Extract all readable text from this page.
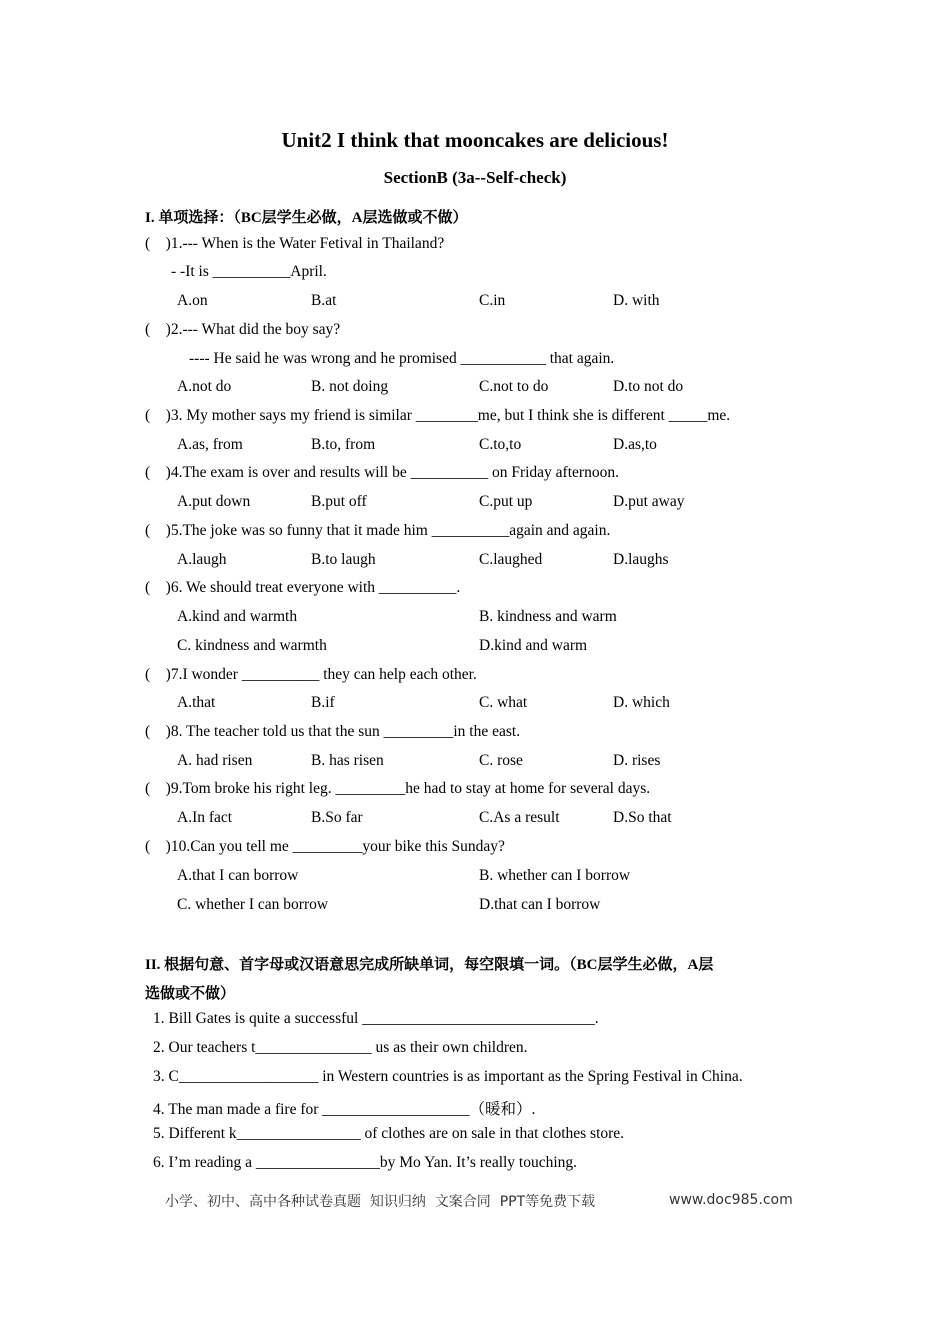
Unit2 I think that mooncakes are delicious!
SectionB (3a--Self-check)
I. 单项选择：（BC层学生必做，A层选做或不做）
(    )1.--- When is the Water Fetival in Thailand?
- -It is __________April.
A.on	B.at	C.in	D. with
(    )2.--- What did the boy say?
---- He said he was wrong and he promised ___________ that again.
A.not do	B. not doing	C.not to do	D.to not do
(    )3. My mother says my friend is similar ________me, but I think she is different _____me.
A.as, from	B.to, from	C.to,to	D.as,to
(    )4.The exam is over and results will be __________ on Friday afternoon.
A.put down	B.put off	C.put up	D.put away
(    )5.The joke was so funny that it made him __________again and again.
A.laugh	B.to laugh	C.laughed	D.laughs
(    )6. We should treat everyone with __________.
A.kind and warmth	B. kindness and warm
C. kindness and warmth	D.kind and warm
(    )7.I wonder __________ they can help each other.
A.that	B.if	C. what	D. which
(    )8. The teacher told us that the sun _________in the east.
A. had risen	B. has risen	C. rose	D. rises
(    )9.Tom broke his right leg. _________he had to stay at home for several days.
A.In fact	B.So far	C.As a result	D.So that
(    )10.Can you tell me _________your bike this Sunday?
A.that I can borrow	B. whether can I borrow
C. whether I can borrow	D.that can I borrow
II. 根据句意、首字母或汉语意思完成所缺单词，每空限填一词。（BC层学生必做，A层
选做或不做）
1. Bill Gates is quite a successful ______________________________.
2. Our teachers t_______________ us as their own children.
3. C__________________ in Western countries is as important as the Spring Festival in China.
4. The man made a fire for ___________________（暖和）.
5. Different k________________ of clothes are on sale in that clothes store.
6. I’m reading a ________________by Mo Yan. It’s really touching.
小学、初中、高中各种试卷真题  知识归纳  文案合同  PPT等免费下载	www.doc985.com
